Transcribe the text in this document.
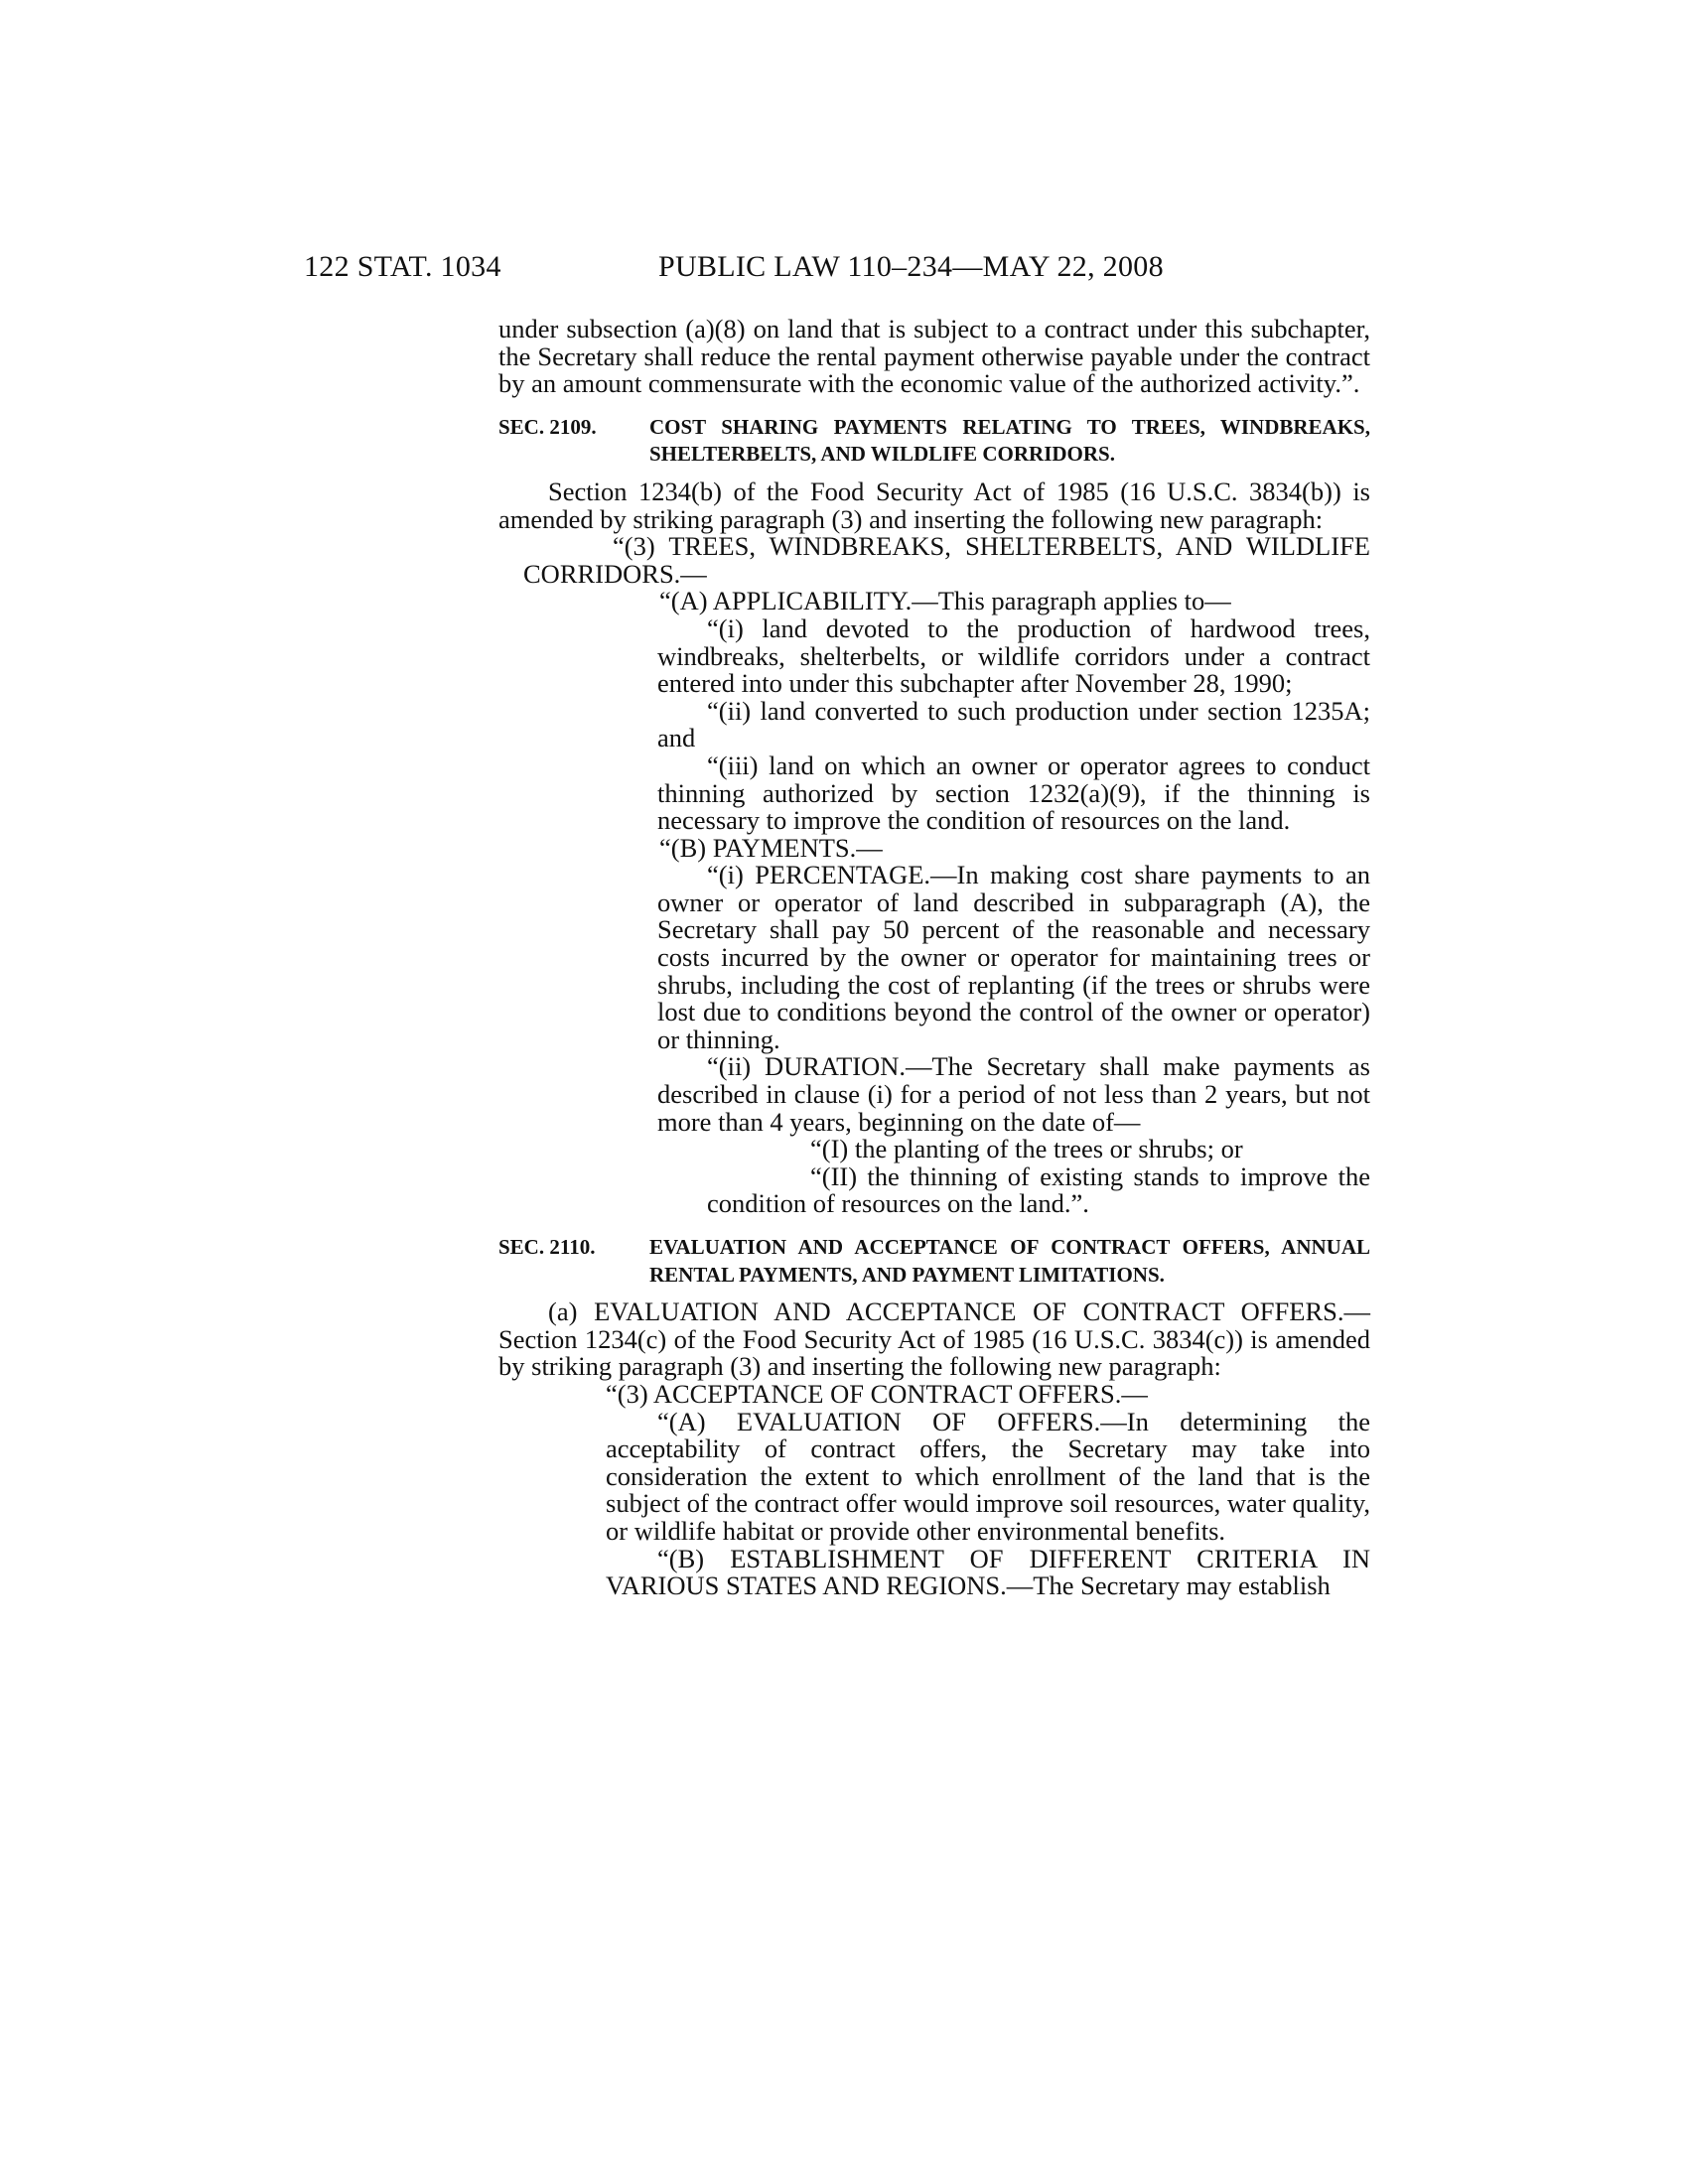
122 STAT. 1034	PUBLIC LAW 110–234—MAY 22, 2008

under subsection (a)(8) on land that is subject to a contract under this subchapter, the Secretary shall reduce the rental payment otherwise payable under the contract by an amount commensurate with the economic value of the authorized activity.”.

SEC. 2109.	COST SHARING PAYMENTS RELATING TO TREES, WINDBREAKS, SHELTERBELTS, AND WILDLIFE CORRIDORS.

Section 1234(b) of the Food Security Act of 1985 (16 U.S.C. 3834(b)) is amended by striking paragraph (3) and inserting the following new paragraph:

“(3) TREES, WINDBREAKS, SHELTERBELTS, AND WILDLIFE CORRIDORS.—

“(A) APPLICABILITY.—This paragraph applies to—

“(i) land devoted to the production of hardwood trees, windbreaks, shelterbelts, or wildlife corridors under a contract entered into under this subchapter after November 28, 1990;

“(ii) land converted to such production under section 1235A; and

“(iii) land on which an owner or operator agrees to conduct thinning authorized by section 1232(a)(9), if the thinning is necessary to improve the condition of resources on the land.

“(B) PAYMENTS.—

“(i) PERCENTAGE.—In making cost share payments to an owner or operator of land described in subparagraph (A), the Secretary shall pay 50 percent of the reasonable and necessary costs incurred by the owner or operator for maintaining trees or shrubs, including the cost of replanting (if the trees or shrubs were lost due to conditions beyond the control of the owner or operator) or thinning.

“(ii) DURATION.—The Secretary shall make payments as described in clause (i) for a period of not less than 2 years, but not more than 4 years, beginning on the date of—

“(I) the planting of the trees or shrubs; or

“(II) the thinning of existing stands to improve the condition of resources on the land.”.

SEC. 2110.	EVALUATION AND ACCEPTANCE OF CONTRACT OFFERS, ANNUAL RENTAL PAYMENTS, AND PAYMENT LIMITATIONS.

(a) EVALUATION AND ACCEPTANCE OF CONTRACT OFFERS.—Section 1234(c) of the Food Security Act of 1985 (16 U.S.C. 3834(c)) is amended by striking paragraph (3) and inserting the following new paragraph:

“(3) ACCEPTANCE OF CONTRACT OFFERS.—

“(A) EVALUATION OF OFFERS.—In determining the acceptability of contract offers, the Secretary may take into consideration the extent to which enrollment of the land that is the subject of the contract offer would improve soil resources, water quality, or wildlife habitat or provide other environmental benefits.

“(B) ESTABLISHMENT OF DIFFERENT CRITERIA IN VARIOUS STATES AND REGIONS.—The Secretary may establish
